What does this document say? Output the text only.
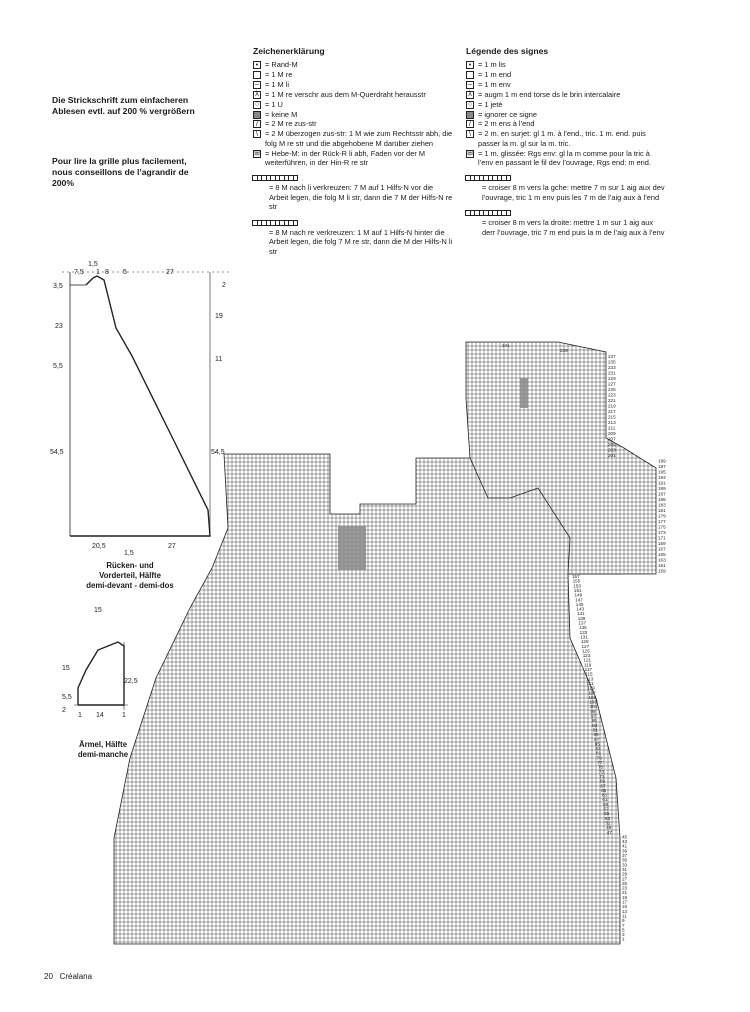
Die Strickschrift zum einfacheren Ablesen evtl. auf 200 % vergrößern
Pour lire la grille plus facilement, nous conseillons de l’agrandir de 200%
Zeichenerklärung
• = Rand-M
= 1 M re
– = 1 M li
λ = 1 M re verschr aus dem M-Querdraht herausstr
○ = 1 U
= keine M
/ = 2 M re zus-str
\ = 2 M überzogen zus-str: 1 M wie zum Rechtsstr abh, die folg M re str und die abgehobene M darüber ziehen
⊞ = Hebe-M: in der Rück-R li abh, Faden vor der M weiterführen, in der Hin-R re str
= 8 M nach li verkreuzen: 7 M auf 1 Hilfs-N vor die Arbeit legen, die folg M li str, dann die 7 M der Hilfs-N re str
= 8 M nach re verkreuzen: 1 M auf 1 Hilfs-N hinter die Arbeit legen, die folg 7 M re str, dann die M der Hilfs-N li str
Légende des signes
• = 1 m lis
= 1 m end
– = 1 m env
λ = augm 1 m end torse ds le brin intercalaire
○ = 1 jeté
= ignorer ce signe
/ = 2 m ens à l’end
\ = 2 m. en surjet: gl 1 m. à l’end., tric. 1 m. end. puis passer la m. gl sur la m. tric.
⊞ = 1 m. glissée: Rgs env: gl la m comme pour la tric à l’env en passant le fil dev l’ouvrage, Rgs end: m end.
= croiser 8 m vers la gche: mettre 7 m sur 1 aig aux dev l’ouvrage, tric 1 m env puis les 7 m de l’aig aux à l’end
= croiser 8 m vers la droite: mettre 1 m sur 1 aig aux derr l’ouvrage, tric 7 m end puis la m de l’aig aux à l’env
1,5
7,5 1 8 5	27
3,5
23
5,5
54,5
2
19
11
54,5
20,5
1,5
27
Rücken- und
Vorderteil, Hälfte
demi-devant - demi-dos
15
15
5,5
2
22,5
1 14	1
Ärmel, Hälfte
demi-manche
241
239
237
235
233
231
229
227
225
223
221
219
217
215
213
211
209
207
205
203
201
199
197
195
193
191
189
187
185
183
181
179
177
175
173
171
169
167
165
163
161
159
157
155
153
151
149
147
145
143
141
139
137
135
133
131
129
127
125
123
121
119
117
115
113
111
109
107
105
103
101
99
97
95
93
91
89
87
85
83
81
79
77
75
73
71
69
67
65
63
61
59
57
55
53
51
49
47
45
43
41
39
37
35
33
31
29
27
25
23
21
19
17
15
13
11
9
7
5
3
1
20 Créalana
